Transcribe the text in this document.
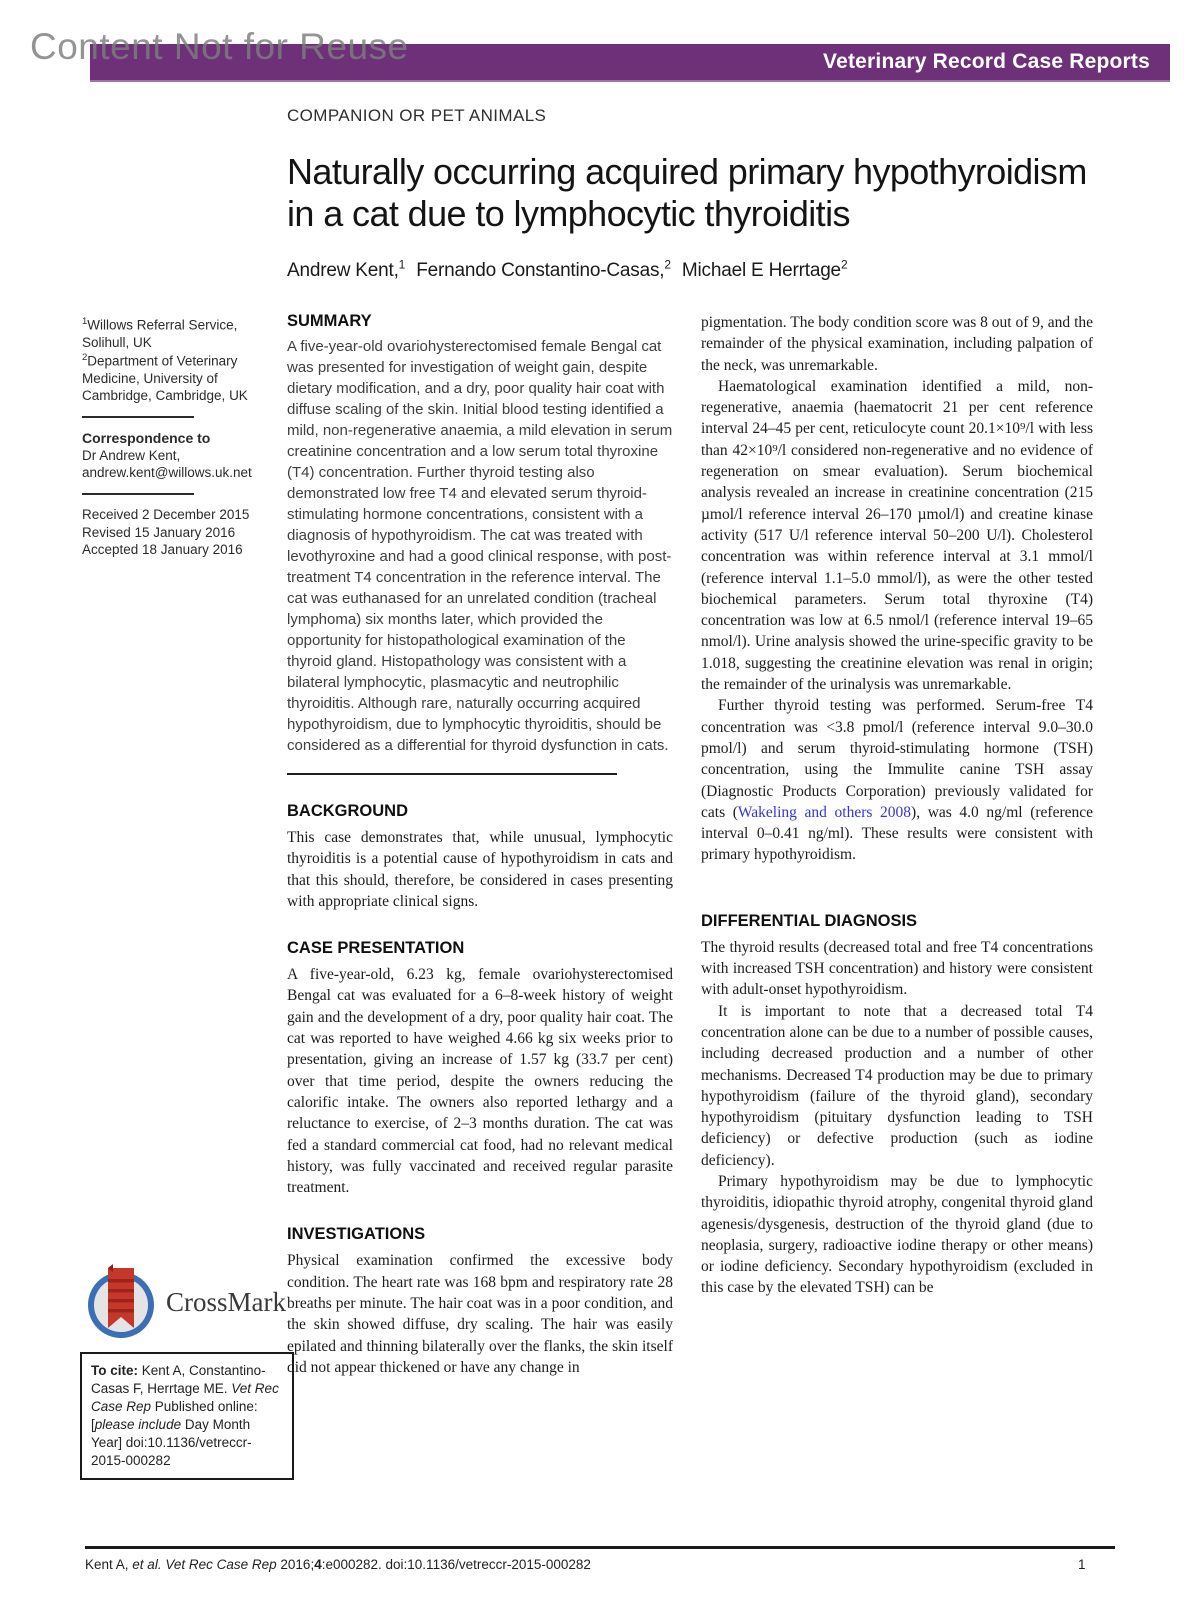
Veterinary Record Case Reports
Content Not for Reuse
COMPANION OR PET ANIMALS
Naturally occurring acquired primary hypothyroidism in a cat due to lymphocytic thyroiditis
Andrew Kent,$^1$ Fernando Constantino-Casas,$^2$ Michael E Herrtage$^2$
$^1$Willows Referral Service, Solihull, UK
$^2$Department of Veterinary Medicine, University of Cambridge, Cambridge, UK
Correspondence to
Dr Andrew Kent,
andrew.kent@willows.uk.net
Received 2 December 2015
Revised 15 January 2016
Accepted 18 January 2016
SUMMARY
A five-year-old ovariohysterectomised female Bengal cat was presented for investigation of weight gain, despite dietary modification, and a dry, poor quality hair coat with diffuse scaling of the skin. Initial blood testing identified a mild, non-regenerative anaemia, a mild elevation in serum creatinine concentration and a low serum total thyroxine (T4) concentration. Further thyroid testing also demonstrated low free T4 and elevated serum thyroid-stimulating hormone concentrations, consistent with a diagnosis of hypothyroidism. The cat was treated with levothyroxine and had a good clinical response, with post-treatment T4 concentration in the reference interval. The cat was euthanased for an unrelated condition (tracheal lymphoma) six months later, which provided the opportunity for histopathological examination of the thyroid gland. Histopathology was consistent with a bilateral lymphocytic, plasmacytic and neutrophilic thyroiditis. Although rare, naturally occurring acquired hypothyroidism, due to lymphocytic thyroiditis, should be considered as a differential for thyroid dysfunction in cats.
BACKGROUND

This case demonstrates that, while unusual, lymphocytic thyroiditis is a potential cause of hypothyroidism in cats and that this should, therefore, be considered in cases presenting with appropriate clinical signs.

CASE PRESENTATION

A five-year-old, 6.23 kg, female ovariohysterectomised Bengal cat was evaluated for a 6–8-week history of weight gain and the development of a dry, poor quality hair coat. The cat was reported to have weighed 4.66 kg six weeks prior to presentation, giving an increase of 1.57 kg (33.7 per cent) over that time period, despite the owners reducing the calorific intake. The owners also reported lethargy and a reluctance to exercise, of 2–3 months duration. The cat was fed a standard commercial cat food, had no relevant medical history, was fully vaccinated and received regular parasite treatment.

INVESTIGATIONS

Physical examination confirmed the excessive body condition. The heart rate was 168 bpm and respiratory rate 28 breaths per minute. The hair coat was in a poor condition, and the skin showed diffuse, dry scaling. The hair was easily epilated and thinning bilaterally over the flanks, the skin itself did not appear thickened or have any change in

pigmentation. The body condition score was 8 out of 9, and the remainder of the physical examination, including palpation of the neck, was unremarkable.

Haematological examination identified a mild, non-regenerative, anaemia (haematocrit 21 per cent reference interval 24–45 per cent, reticulocyte count 20.1×10⁹/l with less than 42×10⁹/l considered non-regenerative and no evidence of regeneration on smear evaluation). Serum biochemical analysis revealed an increase in creatinine concentration (215 µmol/l reference interval 26–170 µmol/l) and creatine kinase activity (517 U/l reference interval 50–200 U/l). Cholesterol concentration was within reference interval at 3.1 mmol/l (reference interval 1.1–5.0 mmol/l), as were the other tested biochemical parameters. Serum total thyroxine (T4) concentration was low at 6.5 nmol/l (reference interval 19–65 nmol/l). Urine analysis showed the urine-specific gravity to be 1.018, suggesting the creatinine elevation was renal in origin; the remainder of the urinalysis was unremarkable.

Further thyroid testing was performed. Serum-free T4 concentration was <3.8 pmol/l (reference interval 9.0–30.0 pmol/l) and serum thyroid-stimulating hormone (TSH) concentration, using the Immulite canine TSH assay (Diagnostic Products Corporation) previously validated for cats (Wakeling and others 2008), was 4.0 ng/ml (reference interval 0–0.41 ng/ml). These results were consistent with primary hypothyroidism.

DIFFERENTIAL DIAGNOSIS

The thyroid results (decreased total and free T4 concentrations with increased TSH concentration) and history were consistent with adult-onset hypothyroidism.

It is important to note that a decreased total T4 concentration alone can be due to a number of possible causes, including decreased production and a number of other mechanisms. Decreased T4 production may be due to primary hypothyroidism (failure of the thyroid gland), secondary hypothyroidism (pituitary dysfunction leading to TSH deficiency) or defective production (such as iodine deficiency).

Primary hypothyroidism may be due to lymphocytic thyroiditis, idiopathic thyroid atrophy, congenital thyroid gland agenesis/dysgenesis, destruction of the thyroid gland (due to neoplasia, surgery, radioactive iodine therapy or other means) or iodine deficiency. Secondary hypothyroidism (excluded in this case by the elevated TSH) can be

CrossMark
To cite: Kent A, Constantino-Casas F, Herrtage ME. Vet Rec Case Rep Published online: [please include Day Month Year] doi:10.1136/vetreccr-2015-000282
Kent A, et al. Vet Rec Case Rep 2016;4:e000282. doi:10.1136/vetreccr-2015-000282	1
